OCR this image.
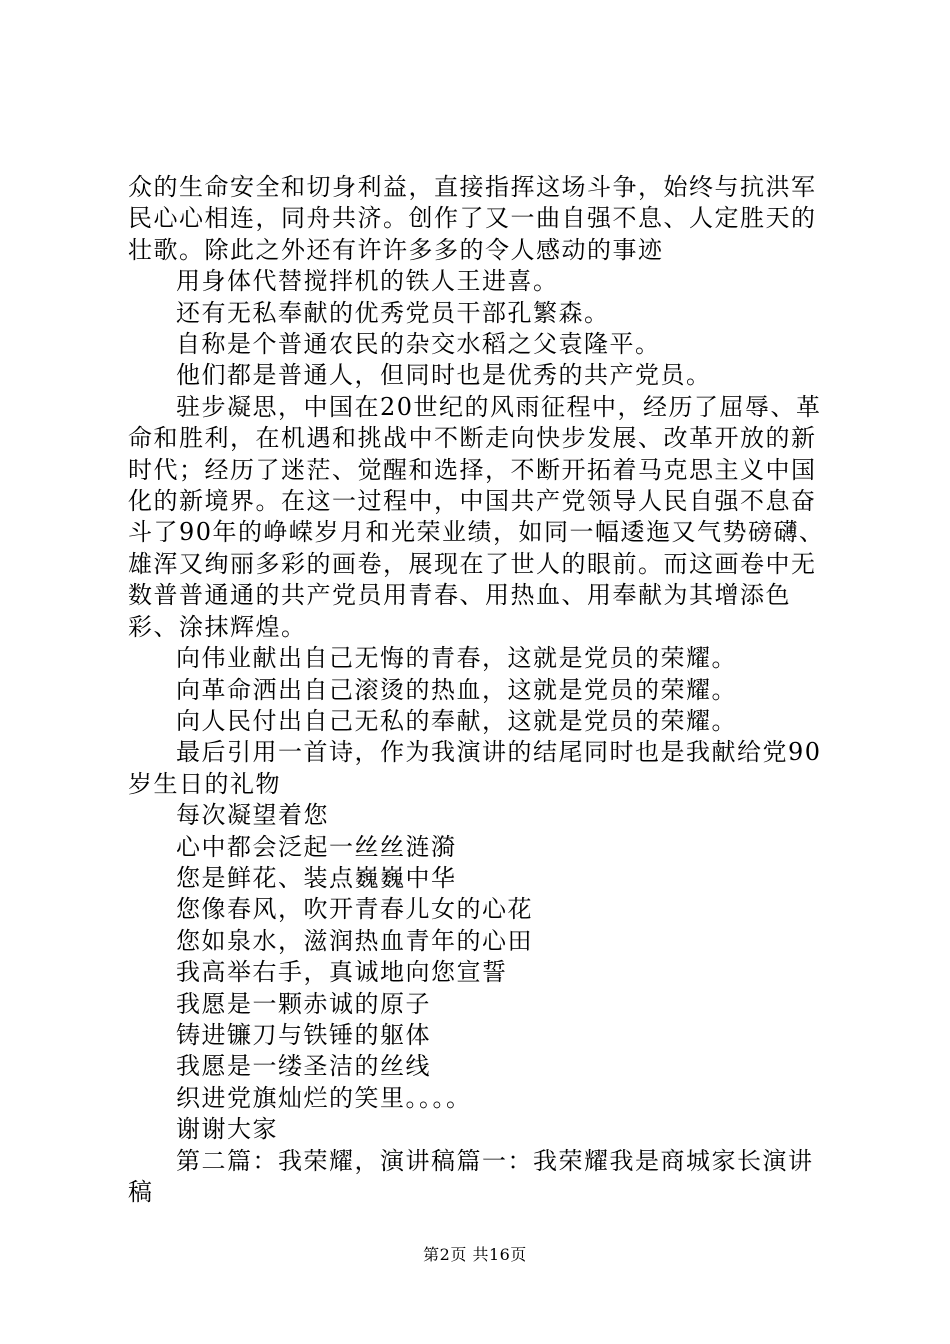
众的生命安全和切身利益，直接指挥这场斗争，始终与抗洪军民心心相连，同舟共济。创作了又一曲自强不息、人定胜天的壮歌。除此之外还有许许多多的令人感动的事迹

用身体代替搅拌机的铁人王进喜。

还有无私奉献的优秀党员干部孔繁森。

自称是个普通农民的杂交水稻之父袁隆平。

他们都是普通人，但同时也是优秀的共产党员。

驻步凝思，中国在20世纪的风雨征程中，经历了屈辱、革命和胜利，在机遇和挑战中不断走向快步发展、改革开放的新时代；经历了迷茫、觉醒和选择，不断开拓着马克思主义中国化的新境界。在这一过程中，中国共产党领导人民自强不息奋斗了90年的峥嵘岁月和光荣业绩，如同一幅逶迤又气势磅礴、雄浑又绚丽多彩的画卷，展现在了世人的眼前。而这画卷中无数普普通通的共产党员用青春、用热血、用奉献为其增添色彩、涂抹辉煌。

向伟业献出自己无悔的青春，这就是党员的荣耀。

向革命洒出自己滚烫的热血，这就是党员的荣耀。

向人民付出自己无私的奉献，这就是党员的荣耀。

最后引用一首诗，作为我演讲的结尾同时也是我献给党90岁生日的礼物

每次凝望着您

心中都会泛起一丝丝涟漪

您是鲜花、装点巍巍中华

您像春风，吹开青春儿女的心花

您如泉水，滋润热血青年的心田

我高举右手，真诚地向您宣誓

我愿是一颗赤诚的原子

铸进镰刀与铁锤的躯体

我愿是一缕圣洁的丝线

织进党旗灿烂的笑里。。。。

谢谢大家

第二篇：我荣耀，演讲稿篇一：我荣耀我是商城家长演讲稿

第2页 共16页
